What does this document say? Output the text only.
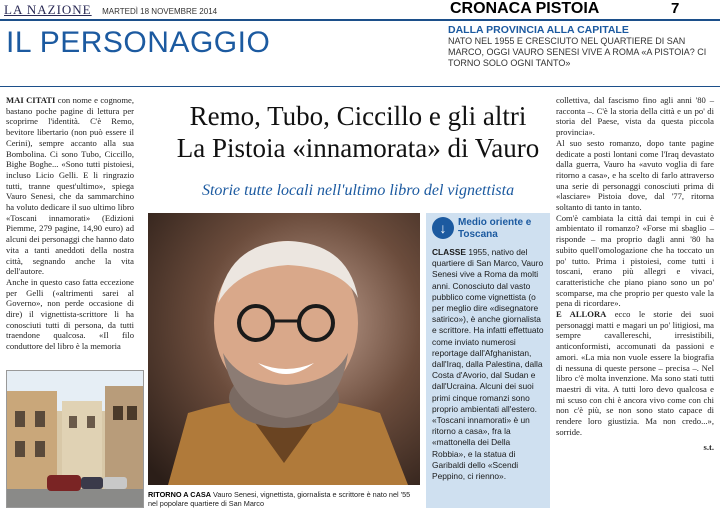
LA NAZIONE MARTEDÌ 18 NOVEMBRE 2014	CRONACA PISTOIA	7
IL PERSONAGGIO	DALLA PROVINCIA ALLA CAPITALE
NATO NEL 1955 E CRESCIUTO NEL QUARTIERE DI SAN MARCO, OGGI VAURO SENESI VIVE A ROMA «A PISTOIA? CI TORNO SOLO OGNI TANTO»

MAI CITATI con nome e cognome, bastano poche pagine di lettura per scoprirne l'identità. C'è Remo, bevitore libertario (non può essere il Cerini), sempre accanto alla sua Bombolina. Ci sono Tubo, Ciccillo, Bighe Boghe... «Sono tutti pistoiesi, incluso Licio Gelli. E li ringrazio tutti, tranne quest'ultimo», spiega Vauro Senesi, che da sammarchino ha voluto dedicare il suo ultimo libro «Toscani innamorati» (Edizioni Piemme, 279 pagine, 14,90 euro) ad alcuni dei personaggi che hanno dato vita a tanti aneddoti della nostra città, segnando anche la vita dell'autore.

Anche in questo caso fatta eccezione per Gelli («altrimenti sarei al Governo», non perde occasione di dire) il vignettista-scrittore li ha conosciuti tutti di persona, da tutti traendone qualcosa. «Il filo conduttore del libro è la memoria

Remo, Tubo, Ciccillo e gli altri
La Pistoia «innamorata» di Vauro
Storie tutte locali nell'ultimo libro del vignettista
RITORNO A CASA Vauro Senesi, vignettista, giornalista e scrittore è nato nel '55 nel popolare quartiere di San Marco
↓ Medio oriente e Toscana
CLASSE 1955, nativo del quartiere di San Marco, Vauro Senesi vive a Roma da molti anni. Conosciuto dal vasto pubblico come vignettista (o per meglio dire «disegnatore satirico»), è anche giornalista e scrittore. Ha infatti effettuato come inviato numerosi reportage dall'Afghanistan, dall'Iraq, dalla Palestina, dalla Costa d'Avorio, dal Sudan e dall'Ucraina. Alcuni dei suoi primi cinque romanzi sono proprio ambientati all'estero. «Toscani innamorati» è un ritorno a casa», fra la «mattonella dei Della Robbia», e la statua di Garibaldi dello «Scendi Peppino, ci rienno».

collettiva, dal fascismo fino agli anni '80 – racconta –. C'è la storia della città e un po' di storia del Paese, vista da questa piccola provincia».

Al suo sesto romanzo, dopo tante pagine dedicate a posti lontani come l'Iraq devastato dalla guerra, Vauro ha «avuto voglia di fare ritorno a casa», e ha scelto di farlo attraverso una serie di personaggi conosciuti prima di «lasciare» Pistoia dove, dal '77, ritorna soltanto di tanto in tanto.

Com'è cambiata la città dai tempi in cui è ambientato il romanzo? «Forse mi sbaglio – risponde – ma proprio dagli anni '80 ha subito quell'omologazione che ha toccato un po' tutto. Prima i pistoiesi, come tutti i toscani, erano più allegri e vivaci, caratteristiche che piano piano sono un po' scomparse, ma che proprio per questo vale la pena di ricordare».

E ALLORA ecco le storie dei suoi personaggi matti e magari un po' litigiosi, ma sempre cavallereschi, irresistibili, anticonformisti, accomunati da passioni e amori. «La mia non vuole essere la biografia di nessuna di queste persone – precisa –. Nel libro c'è molta invenzione. Ma sono stati tutti maestri di vita. A tutti loro devo qualcosa e mi scuso con chi è ancora vivo come con chi non c'è più, se non sono stato capace di rendere loro giustizia. Ma non credo...», sorride.

s.t.
